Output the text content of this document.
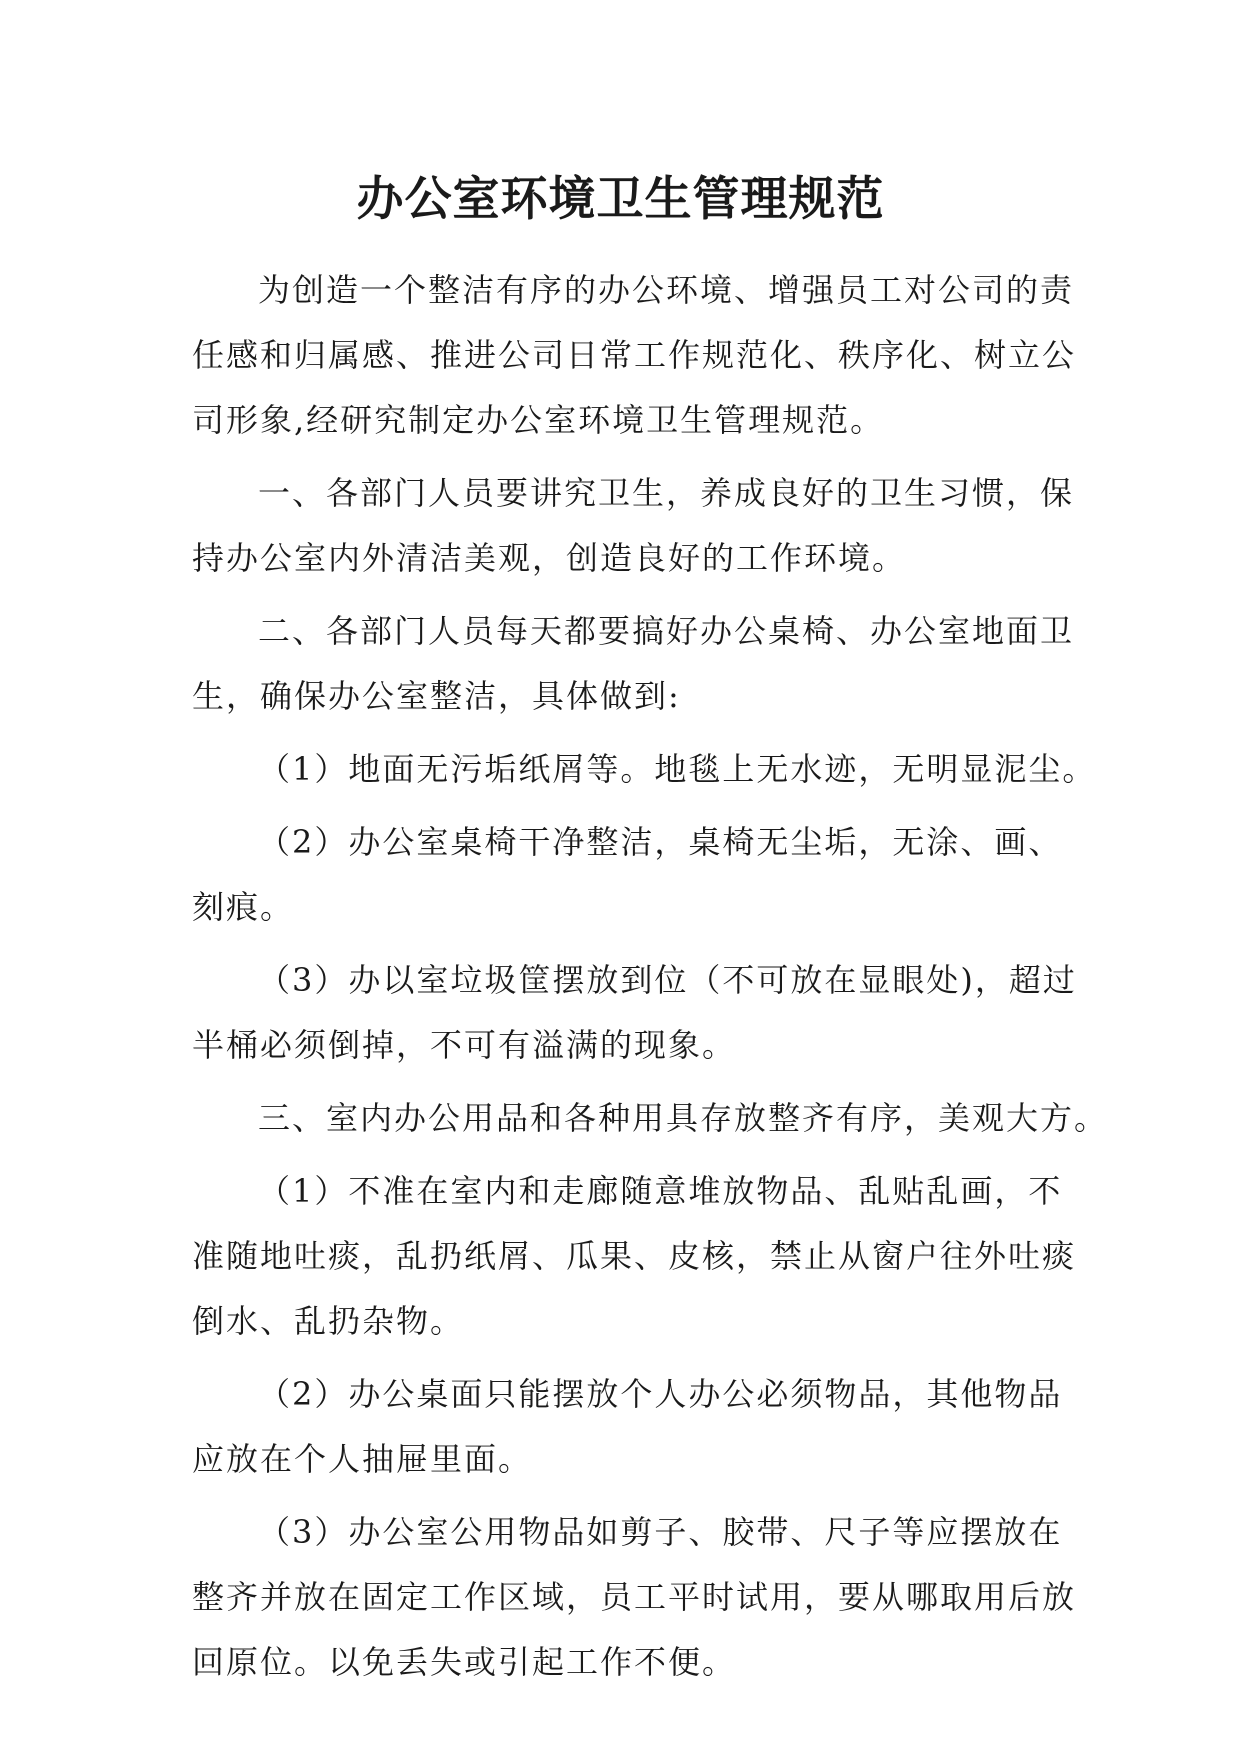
办公室环境卫生管理规范

为创造一个整洁有序的办公环境、增强员工对公司的责
任感和归属感、推进公司日常工作规范化、秩序化、树立公
司形象,经研究制定办公室环境卫生管理规范。

一、各部门人员要讲究卫生，养成良好的卫生习惯，保
持办公室内外清洁美观，创造良好的工作环境。

二、各部门人员每天都要搞好办公桌椅、办公室地面卫
生，确保办公室整洁，具体做到:

（1）地面无污垢纸屑等。地毯上无水迹，无明显泥尘。

（2）办公室桌椅干净整洁，桌椅无尘垢，无涂、画、
刻痕。

（3）办以室垃圾筐摆放到位（不可放在显眼处)，超过
半桶必须倒掉，不可有溢满的现象。

三、室内办公用品和各种用具存放整齐有序，美观大方。

（1）不准在室内和走廊随意堆放物品、乱贴乱画，不
准随地吐痰，乱扔纸屑、瓜果、皮核，禁止从窗户往外吐痰
倒水、乱扔杂物。

（2）办公桌面只能摆放个人办公必须物品，其他物品
应放在个人抽屉里面。

（3）办公室公用物品如剪子、胶带、尺子等应摆放在
整齐并放在固定工作区域，员工平时试用，要从哪取用后放
回原位。以免丢失或引起工作不便。
